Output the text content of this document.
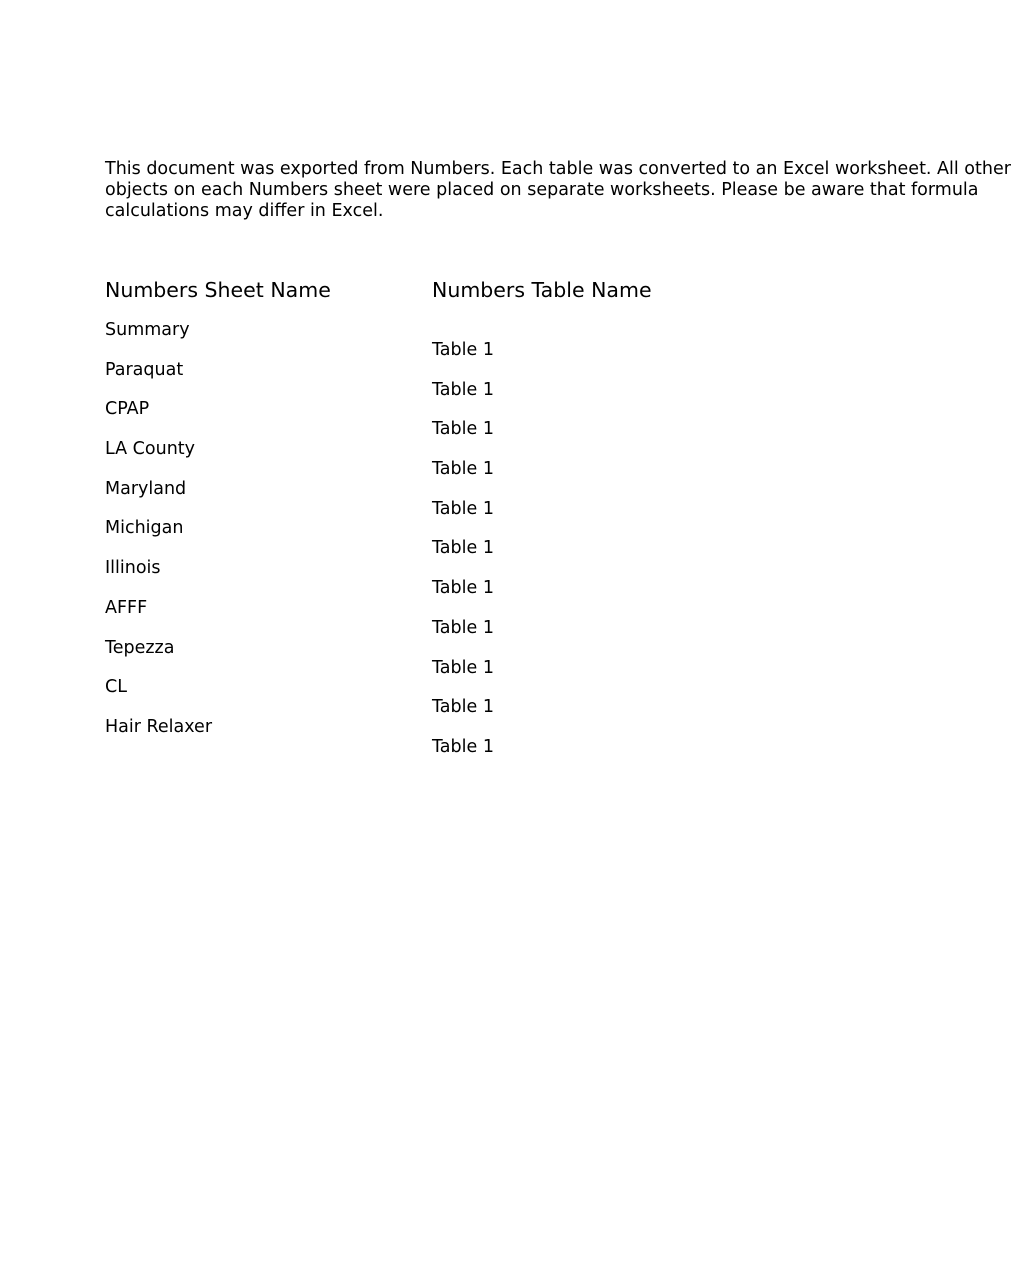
This document was exported from Numbers. Each table was converted to an Excel worksheet. All other
objects on each Numbers sheet were placed on separate worksheets. Please be aware that formula
calculations may differ in Excel.
Numbers Sheet Name	Numbers Table Name
Summary
Paraquat
CPAP
LA County
Maryland
Michigan
Illinois
AFFF
Tepezza
CL
Hair Relaxer
Table 1
Table 1
Table 1
Table 1
Table 1
Table 1
Table 1
Table 1
Table 1
Table 1
Table 1
